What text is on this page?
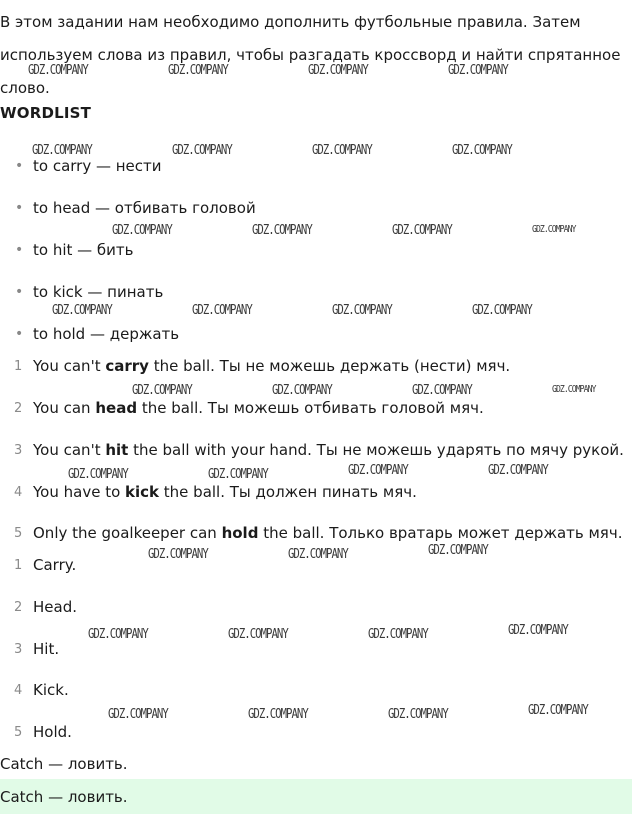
В этом задании нам необходимо дополнить футбольные правила. Затем используем слова из правил, чтобы разгадать кроссворд и найти спрятанное слово.

WORDLIST

• to carry — нести
• to head — отбивать головой
• to hit — бить
• to kick — пинать
• to hold — держать
1 You can't carry the ball. Ты не можешь держать (нести) мяч.
2 You can head the ball. Ты можешь отбивать головой мяч.
3 You can't hit the ball with your hand. Ты не можешь ударять по мячу рукой.
4 You have to kick the ball. Ты должен пинать мяч.
5 Only the goalkeeper can hold the ball. Только вратарь может держать мяч.
1 Carry.
2 Head.
3 Hit.
4 Kick.
5 Hold.
Catch — ловить.
Catch — ловить.
GDZ.COMPANY	GDZ.COMPANY	GDZ.COMPANY	GDZ.COMPANY
GDZ.COMPANY	GDZ.COMPANY	GDZ.COMPANY	GDZ.COMPANY
GDZ.COMPANY	GDZ.COMPANY	GDZ.COMPANY	GDZ.COMPANY
GDZ.COMPANY	GDZ.COMPANY	GDZ.COMPANY	GDZ.COMPANY
GDZ.COMPANY	GDZ.COMPANY	GDZ.COMPANY	GDZ.COMPANY
GDZ.COMPANY	GDZ.COMPANY	GDZ.COMPANY	GDZ.COMPANY
GDZ.COMPANY	GDZ.COMPANY	GDZ.COMPANY
GDZ.COMPANY	GDZ.COMPANY	GDZ.COMPANY	GDZ.COMPANY
GDZ.COMPANY	GDZ.COMPANY	GDZ.COMPANY	GDZ.COMPANY
